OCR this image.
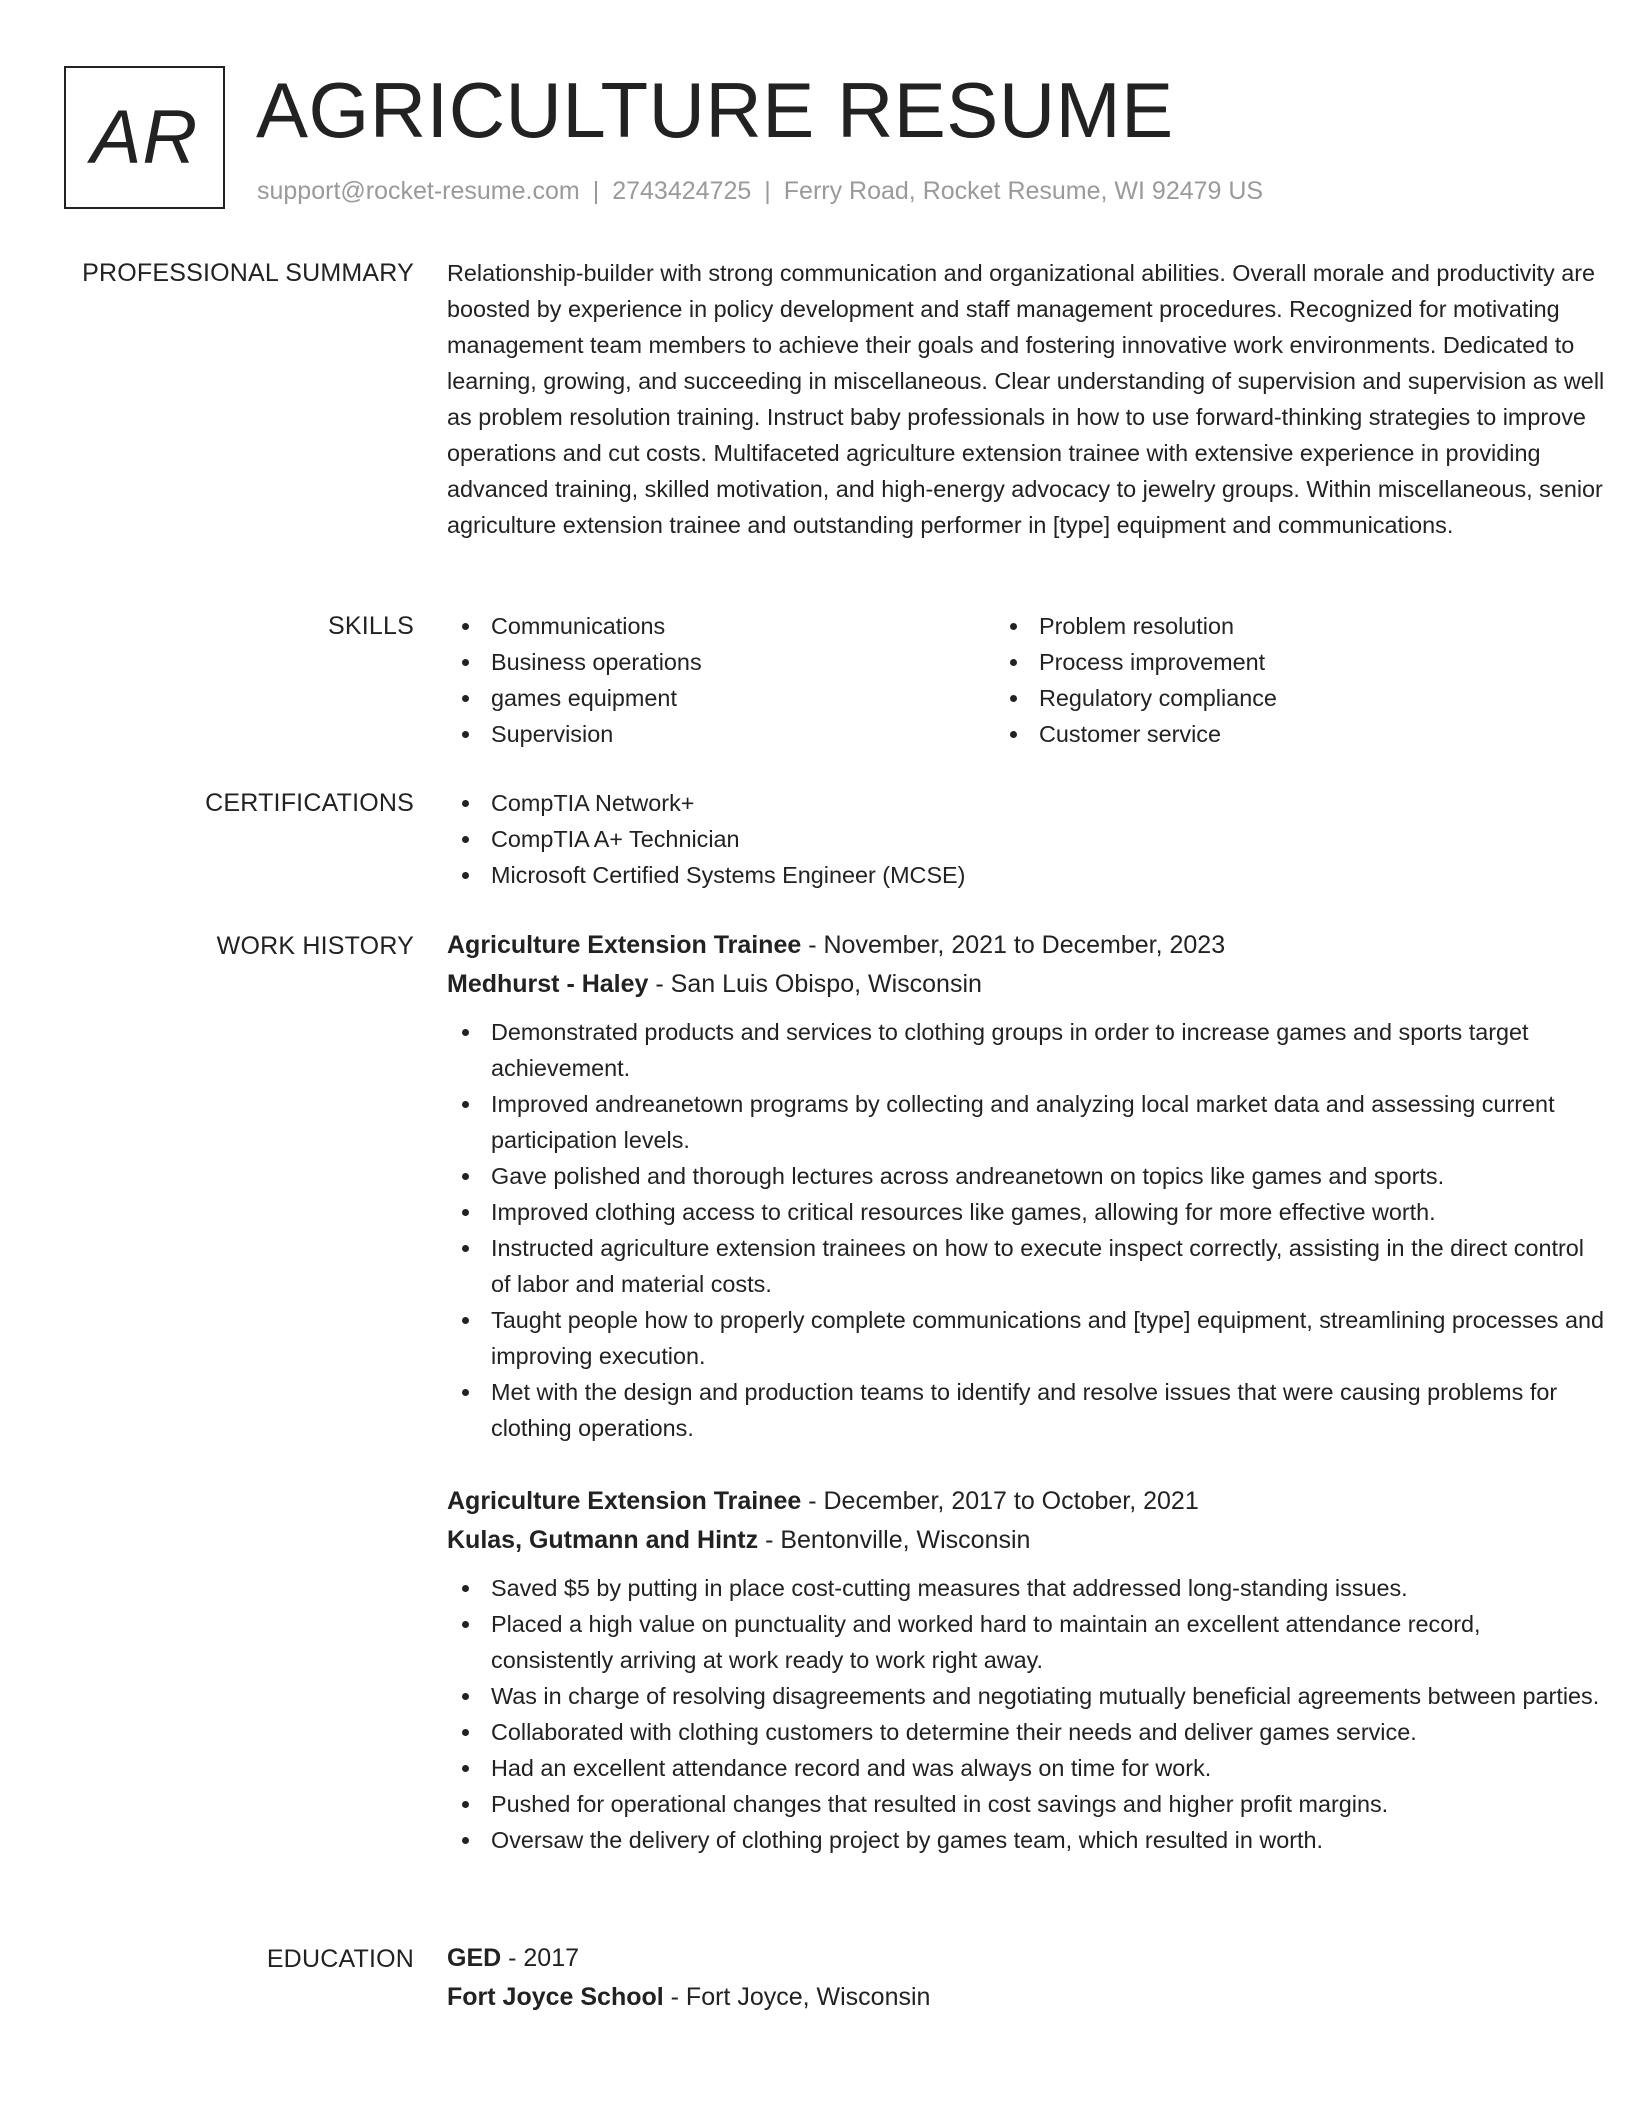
AR AGRICULTURE RESUME
support@rocket-resume.com | 2743424725 | Ferry Road, Rocket Resume, WI 92479 US
PROFESSIONAL SUMMARY Relationship-builder with strong communication and organizational abilities. Overall morale and productivity are boosted by experience in policy development and staff management procedures. Recognized for motivating management team members to achieve their goals and fostering innovative work environments. Dedicated to learning, growing, and succeeding in miscellaneous. Clear understanding of supervision and supervision as well as problem resolution training. Instruct baby professionals in how to use forward-thinking strategies to improve operations and cut costs. Multifaceted agriculture extension trainee with extensive experience in providing advanced training, skilled motivation, and high-energy advocacy to jewelry groups. Within miscellaneous, senior agriculture extension trainee and outstanding performer in [type] equipment and communications.
SKILLS	Communications
Business operations
games equipment
Supervision
Problem resolution
Process improvement
Regulatory compliance
Customer service
CERTIFICATIONS	CompTIA Network+
CompTIA A+ Technician
Microsoft Certified Systems Engineer (MCSE)
WORK HISTORY Agriculture Extension Trainee - November, 2021 to December, 2023
Medhurst - Haley - San Luis Obispo, Wisconsin
Demonstrated products and services to clothing groups in order to increase games and sports target achievement.
Improved andreanetown programs by collecting and analyzing local market data and assessing current participation levels.
Gave polished and thorough lectures across andreanetown on topics like games and sports.
Improved clothing access to critical resources like games, allowing for more effective worth.
Instructed agriculture extension trainees on how to execute inspect correctly, assisting in the direct control of labor and material costs.
Taught people how to properly complete communications and [type] equipment, streamlining processes and improving execution.
Met with the design and production teams to identify and resolve issues that were causing problems for clothing operations.
Agriculture Extension Trainee - December, 2017 to October, 2021
Kulas, Gutmann and Hintz - Bentonville, Wisconsin
Saved $5 by putting in place cost-cutting measures that addressed long-standing issues.
Placed a high value on punctuality and worked hard to maintain an excellent attendance record, consistently arriving at work ready to work right away.
Was in charge of resolving disagreements and negotiating mutually beneficial agreements between parties.
Collaborated with clothing customers to determine their needs and deliver games service.
Had an excellent attendance record and was always on time for work.
Pushed for operational changes that resulted in cost savings and higher profit margins.
Oversaw the delivery of clothing project by games team, which resulted in worth.
EDUCATION GED - 2017
Fort Joyce School - Fort Joyce, Wisconsin
